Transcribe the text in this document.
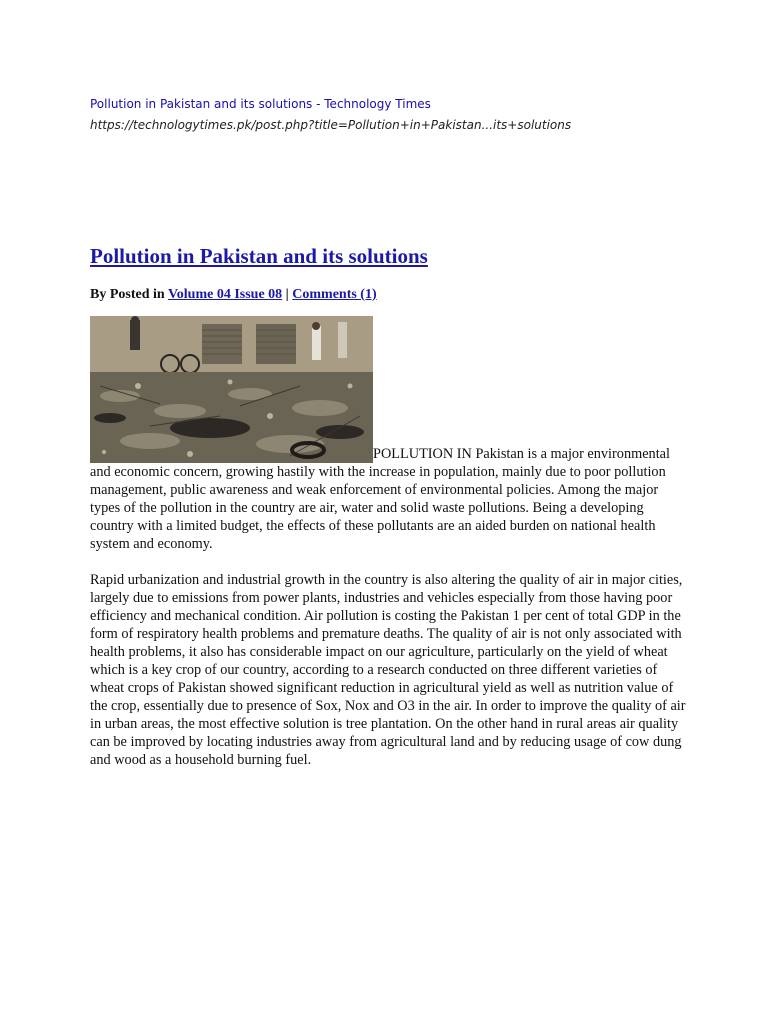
Pollution in Pakistan and its solutions - Technology Times
https://technologytimes.pk/post.php?title=Pollution+in+Pakistan...its+solutions
Pollution in Pakistan and its solutions
By Posted in Volume 04 Issue 08 | Comments (1)
POLLUTION IN Pakistan is a major environmental and economic concern, growing hastily with the increase in population, mainly due to poor pollution management, public awareness and weak enforcement of environmental policies. Among the major types of the pollution in the country are air, water and solid waste pollutions. Being a developing country with a limited budget, the effects of these pollutants are an aided burden on national health system and economy.

Rapid urbanization and industrial growth in the country is also altering the quality of air in major cities, largely due to emissions from power plants, industries and vehicles especially from those having poor efficiency and mechanical condition. Air pollution is costing the Pakistan 1 per cent of total GDP in the form of respiratory health problems and premature deaths. The quality of air is not only associated with health problems, it also has considerable impact on our agriculture, particularly on the yield of wheat which is a key crop of our country, according to a research conducted on three different varieties of wheat crops of Pakistan showed significant reduction in agricultural yield as well as nutrition value of the crop, essentially due to presence of Sox, Nox and O3 in the air. In order to improve the quality of air in urban areas, the most effective solution is tree plantation. On the other hand in rural areas air quality can be improved by locating industries away from agricultural land and by reducing usage of cow dung and wood as a household burning fuel.
